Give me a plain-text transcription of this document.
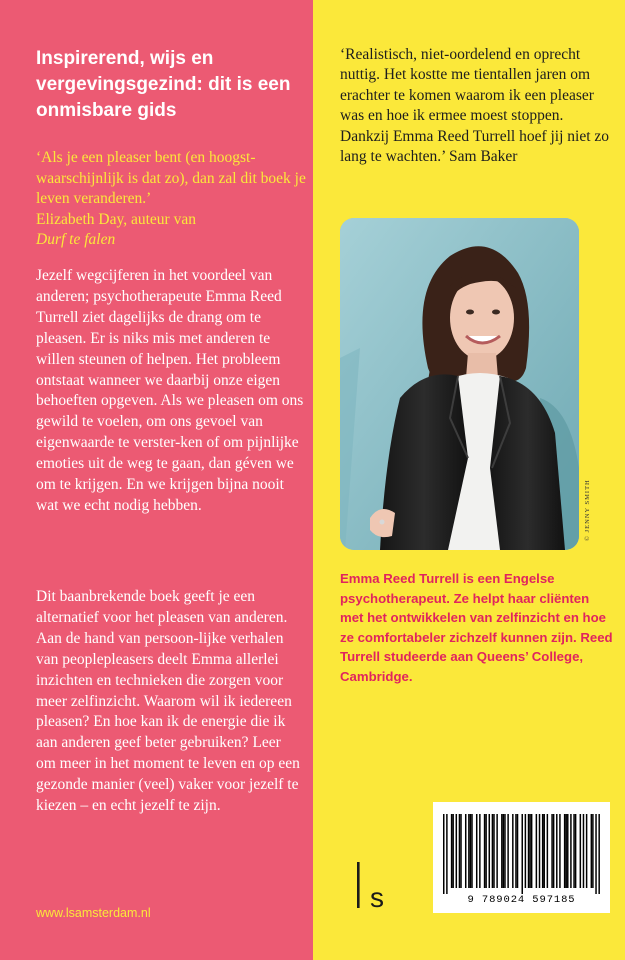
Inspirerend, wijs en vergevingsgezind: dit is een onmisbare gids

‘Als je een pleaser bent (en hoogst-waarschijnlijk is dat zo), dan zal dit boek je leven veranderen.’
Elizabeth Day, auteur van
Durf te falen

Jezelf wegcijferen in het voordeel van anderen; psychotherapeute Emma Reed Turrell ziet dagelijks de drang om te pleasen. Er is niks mis met anderen te willen steunen of helpen. Het probleem ontstaat wanneer we daarbij onze eigen behoeften opgeven. Als we pleasen om ons gewild te voelen, om ons gevoel van eigenwaarde te verster-ken of om pijnlijke emoties uit de weg te gaan, dan géven we om te krijgen. En we krijgen bijna nooit wat we echt nodig hebben.

Dit baanbrekende boek geeft je een alternatief voor het pleasen van anderen. Aan de hand van persoon-lijke verhalen van peoplepleasers deelt Emma allerlei inzichten en technieken die zorgen voor meer zelfinzicht. Waarom wil ik iedereen pleasen? En hoe kan ik de energie die ik aan anderen geef beter gebruiken? Leer om meer in het moment te leven en op een gezonde manier (veel) vaker voor jezelf te kiezen – en echt jezelf te zijn.

www.lsamsterdam.nl

‘Realistisch, niet-oordelend en oprecht nuttig. Het kostte me tientallen jaren om erachter te komen waarom ik een pleaser was en hoe ik ermee moest stoppen. Dankzij Emma Reed Turrell hoef jij niet zo lang te wachten.’ Sam Baker

© JENNY SMITH

Emma Reed Turrell is een Engelse psychotherapeut. Ze helpt haar cliënten met het ontwikkelen van zelfinzicht en hoe ze comfortabeler zichzelf kunnen zijn. Reed Turrell studeerde aan Queens’ College, Cambridge.

s	9 789024 597185
